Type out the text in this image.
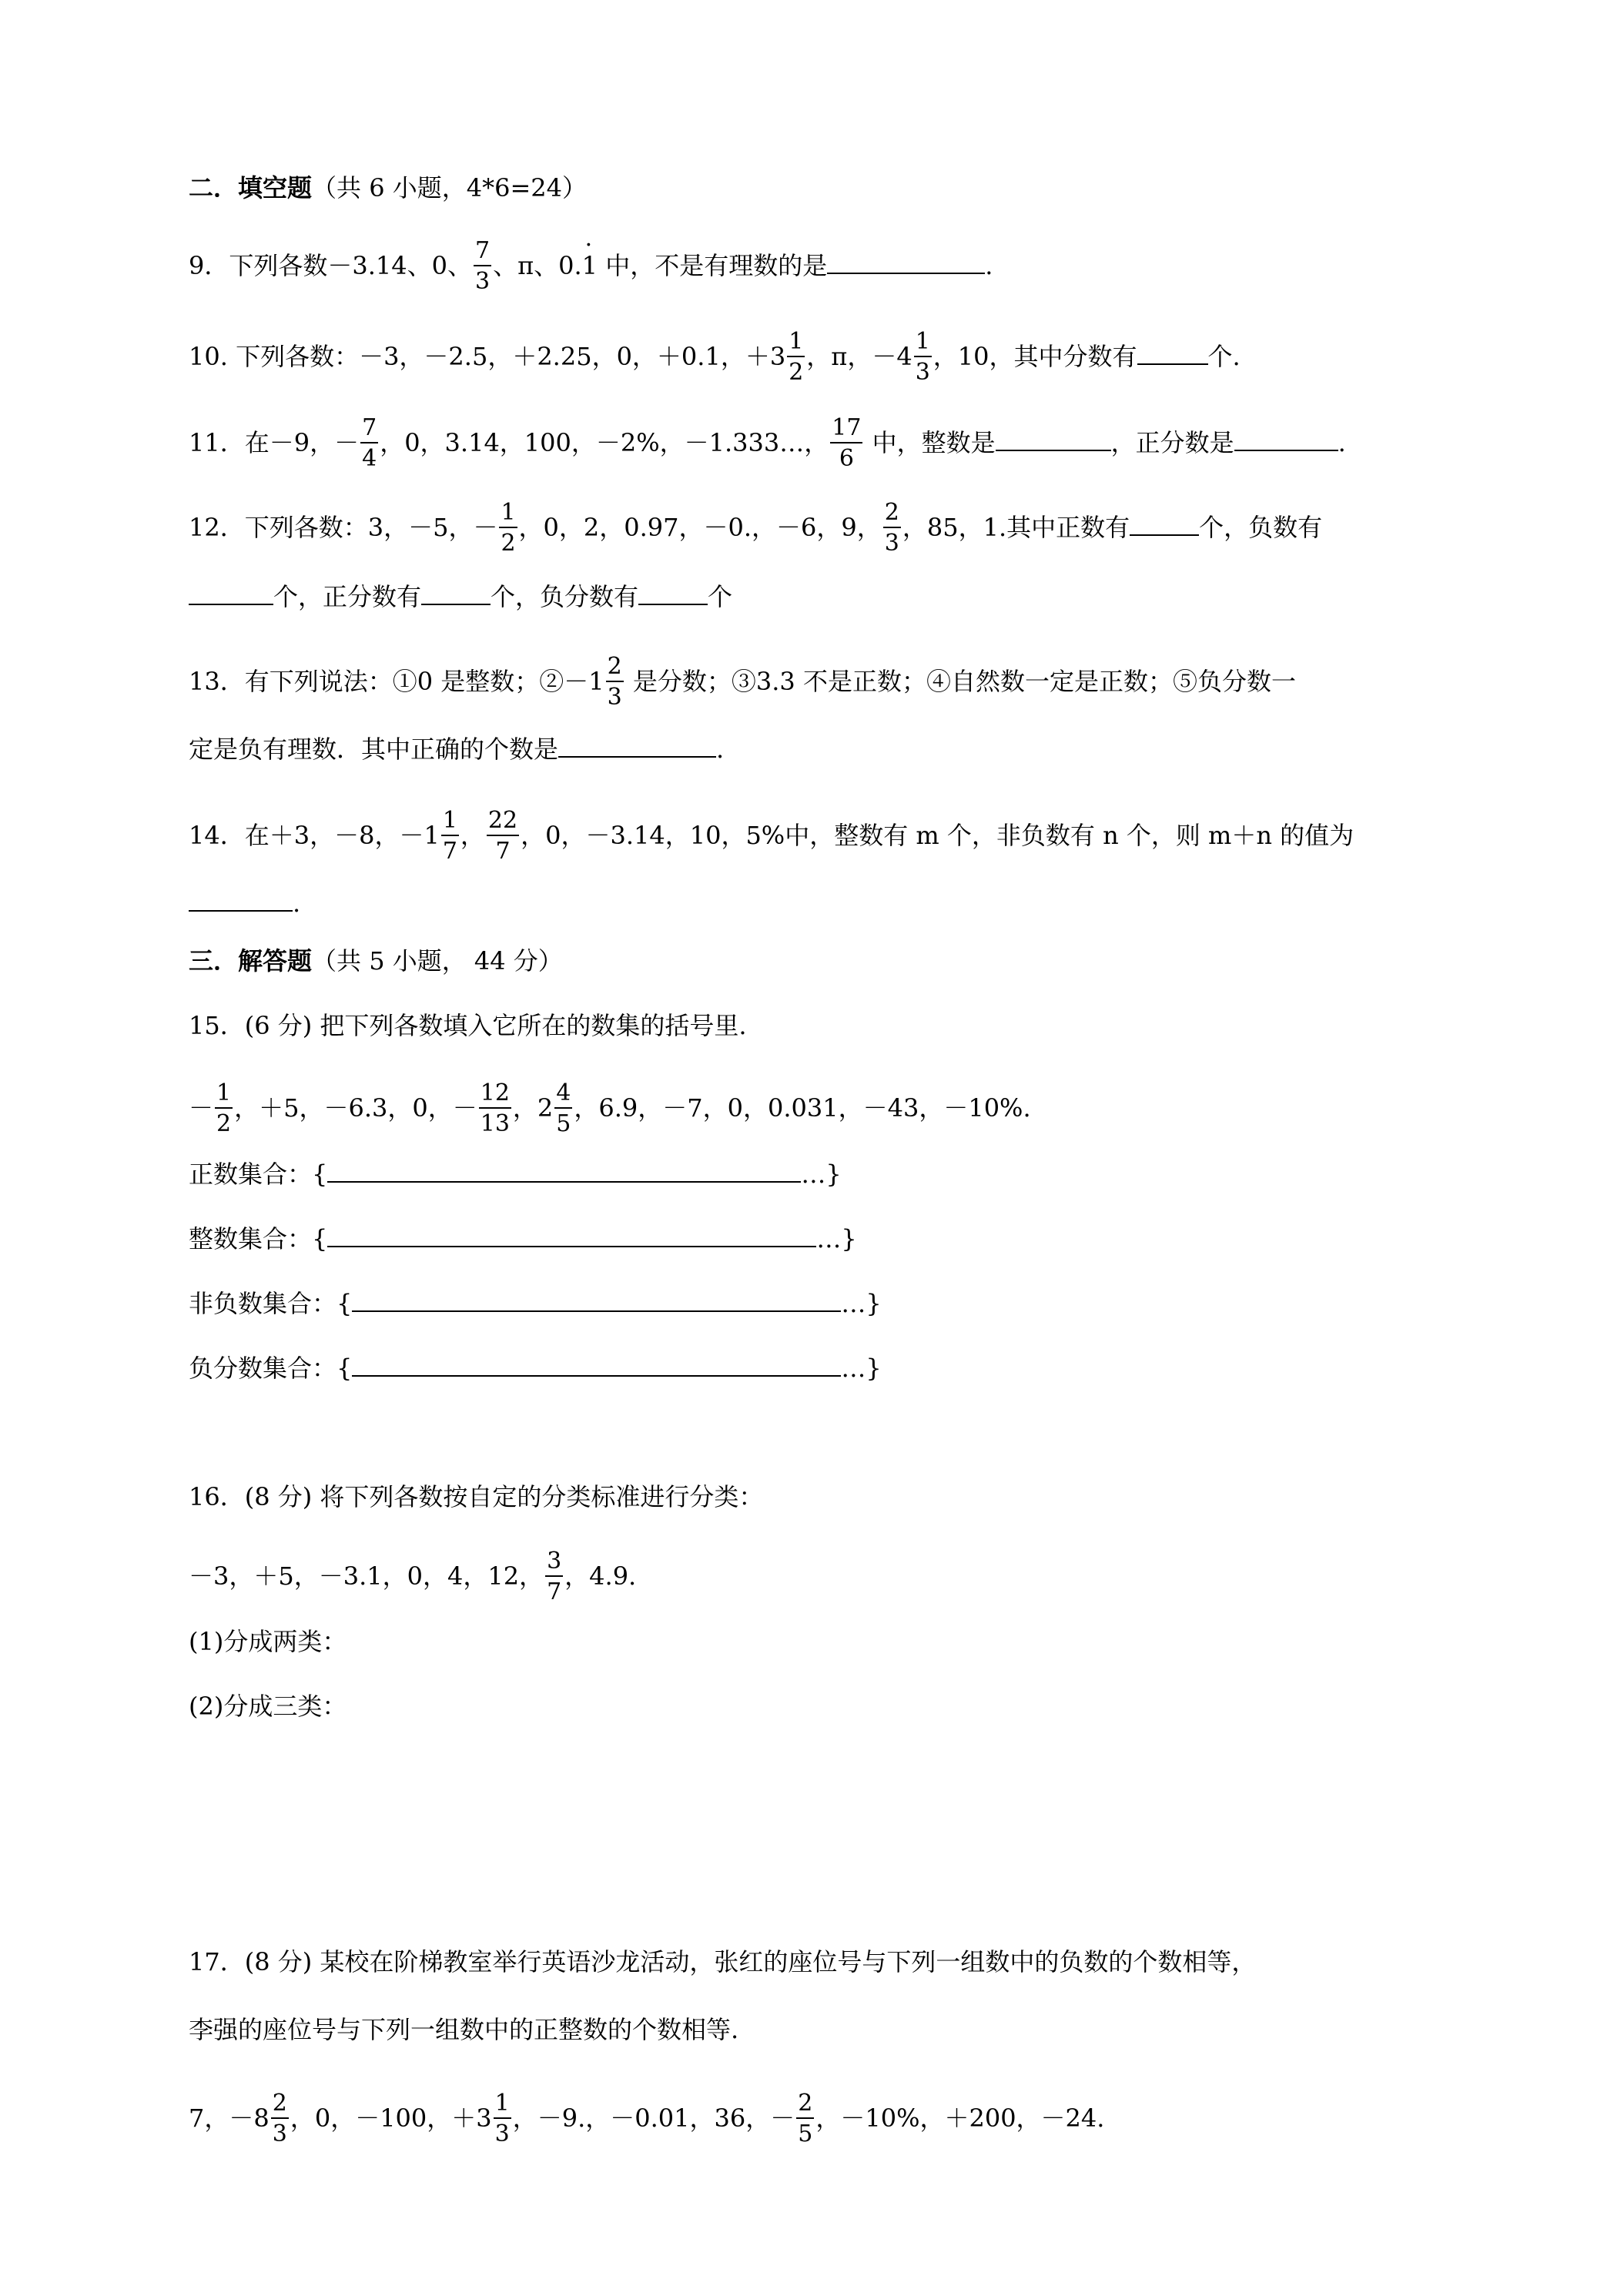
二．填空题（共 6 小题，4*6=24）
9．下列各数－3.14、0、 $\frac{7}{3}$ 、π、0.1 · 中，不是有理数的是	.
10. 下列各数：－3，－2.5，＋2.25，0，＋0.1，$+3 \frac{1}{2}$ ，π，$-4 \frac{1}{3}$ ，10，其中分数有	个.
11．在－9，－ $\frac{7}{4}$ ，0，3.14，100，－2%，－1.333…， $\frac{17}{6}$ 中，整数是	，正分数是	.
12．下列各数：3，－5，－ $\frac{1}{2}$ ，0，2，0.97，－0.，－6，9， $\frac{2}{3}$ ，85，1.其中正数有	个，负数有
个，正分数有	个，负分数有	个
13．有下列说法：①0 是整数；②－1 $\frac{2}{3}$ 是分数；③3.3 不是正数；④自然数一定是正数；⑤负分数一
定是负有理数．其中正确的个数是	.
14．在＋3，－8，$-1 \frac{1}{7}$ ， $\frac{22}{7}$ ，0，－3.14，10，5%中，整数有 m 个，非负数有 n 个，则 m＋n 的值为
.
三．解答题（共 5 小题， 44 分）
15．(6 分) 把下列各数填入它所在的数集的括号里.
－ $\frac{1}{2}$ ，＋5，－6.3，0，－ $\frac{12}{13}$ ，$2 \frac{4}{5}$ ，6.9，－7，0，0.031，－43，－10%.
正数集合：{	…}
整数集合：{	…}
非负数集合：{	…}
负分数集合：{	…}
16．(8 分) 将下列各数按自定的分类标准进行分类：
－3，＋5，－3.1，0，4，12， $\frac{3}{7}$ ，4.9.
(1)分成两类：
(2)分成三类：
17．(8 分) 某校在阶梯教室举行英语沙龙活动，张红的座位号与下列一组数中的负数的个数相等，
李强的座位号与下列一组数中的正整数的个数相等.
7，$-8 \frac{2}{3}$ ，0，－100，$+3 \frac{1}{3}$ ，－9.，－0.01，36，－ $\frac{2}{5}$ ，－10%，＋200，－24.
